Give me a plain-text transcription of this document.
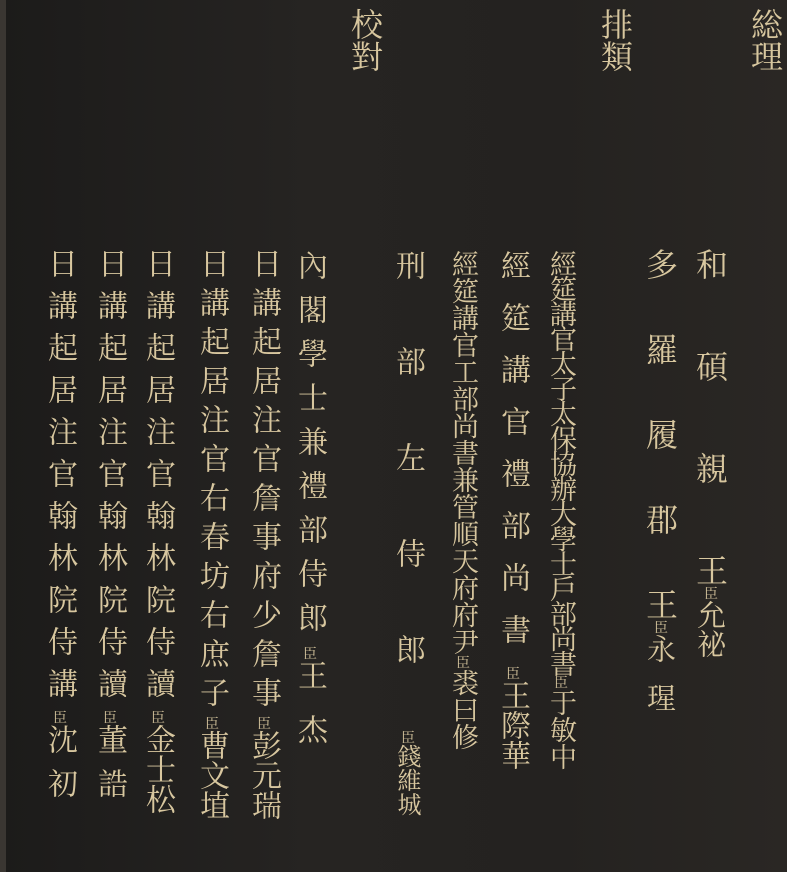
総理
排類
校對
和碩親王臣允祕
多羅履郡王臣永瑆
經筵講官太子太保協辦大學士戶部尚書臣于敏中
經筵講官禮部尚書臣王際華
經筵講官工部尚書兼管順天府府尹臣裘曰修
刑部左侍郎臣錢維城
內閣學士兼禮部侍郎臣王杰
日講起居注官詹事府少詹事臣彭元瑞
日講起居注官右春坊右庶子臣曹文埴
日講起居注官翰林院侍讀臣金士松
日講起居注官翰林院侍讀臣董誥
日講起居注官翰林院侍講臣沈初
